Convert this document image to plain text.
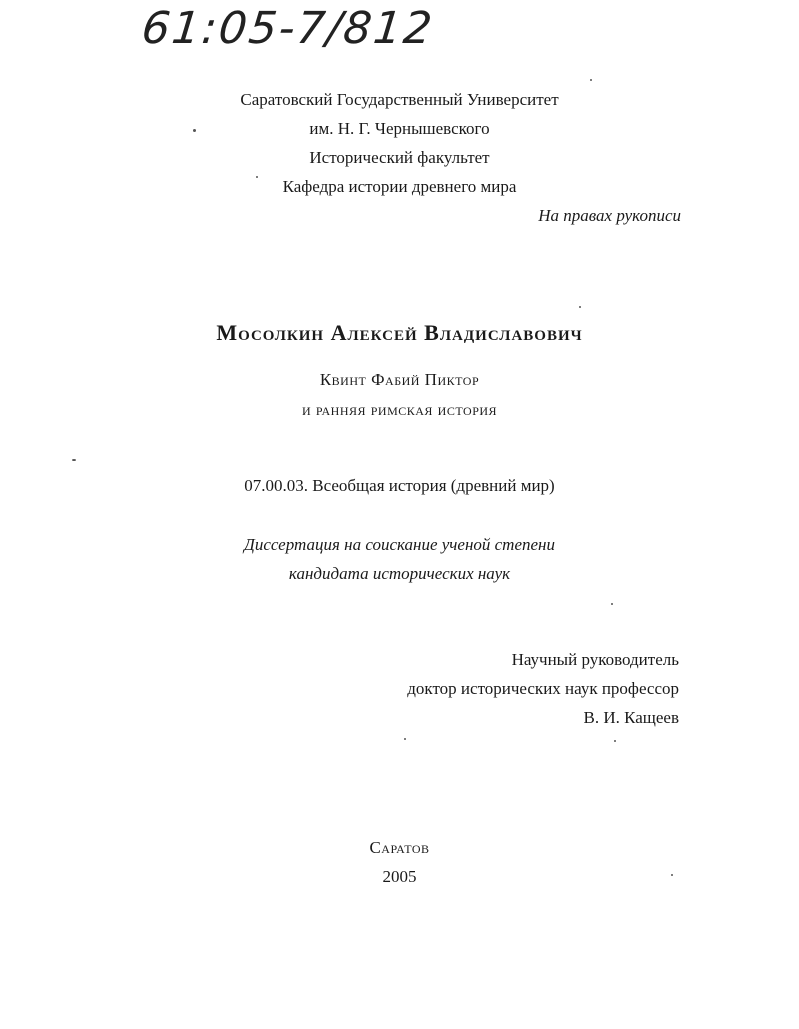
61:05-7/812
Саратовский Государственный Университет
им. Н. Г. Чернышевского
Исторический факультет
Кафедра истории древнего мира
На правах рукописи
Мосолкин Алексей Владиславович
Квинт Фабий Пиктор
и ранняя римская история
07.00.03. Всеобщая история (древний мир)
Диссертация на соискание ученой степени
кандидата исторических наук
Научный руководитель
доктор исторических наук профессор
В. И. Кащеев
Саратов
2005
